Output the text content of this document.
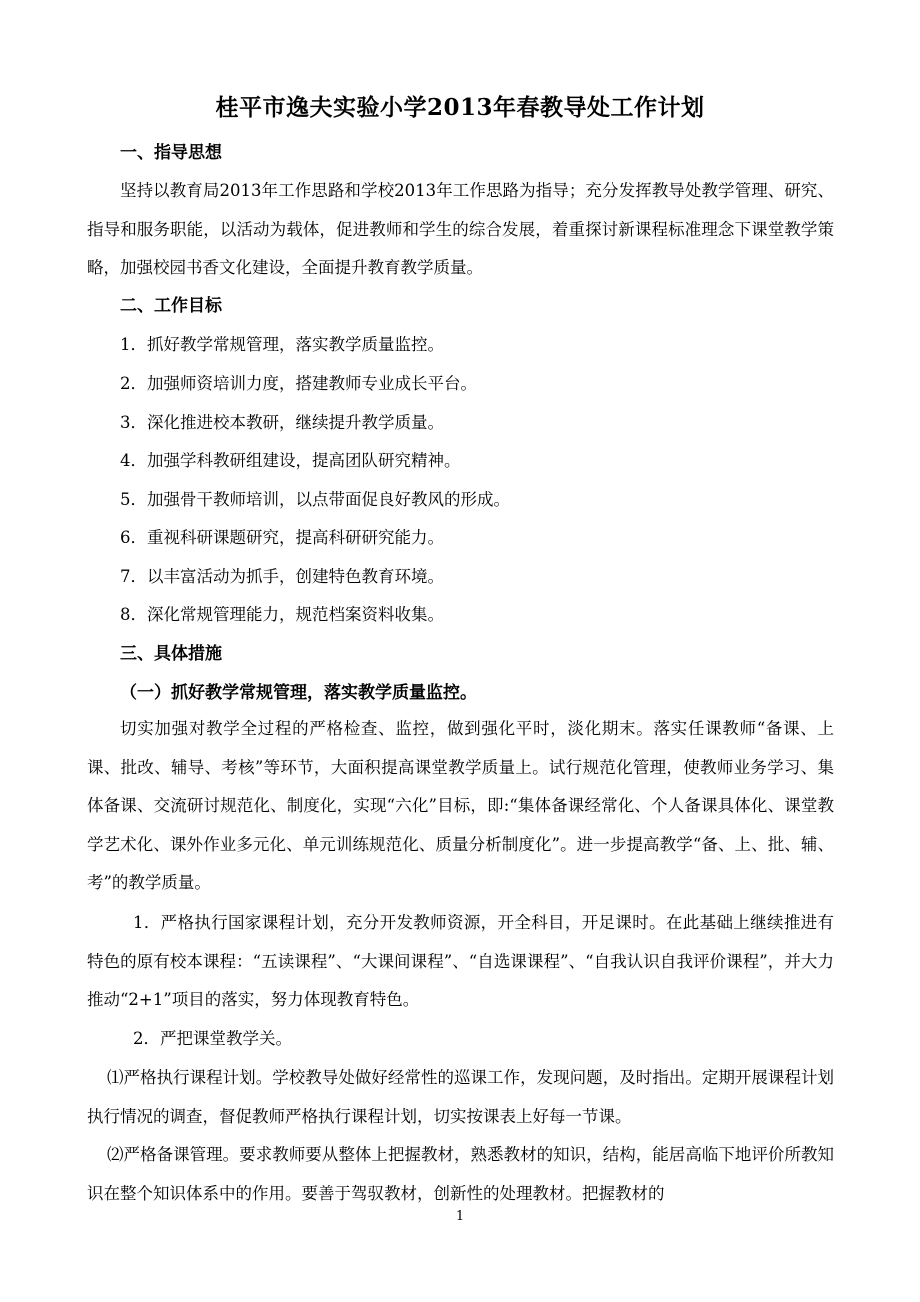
桂平市逸夫实验小学2013年春教导处工作计划
一、指导思想

坚持以教育局2013年工作思路和学校2013年工作思路为指导；充分发挥教导处教学管理、研究、指导和服务职能，以活动为载体，促进教师和学生的综合发展，着重探讨新课程标准理念下课堂教学策略，加强校园书香文化建设，全面提升教育教学质量。

二、工作目标
1．抓好教学常规管理，落实教学质量监控。
2．加强师资培训力度，搭建教师专业成长平台。
3．深化推进校本教研，继续提升教学质量。
4．加强学科教研组建设，提高团队研究精神。
5．加强骨干教师培训，以点带面促良好教风的形成。
6．重视科研课题研究，提高科研研究能力。
7．以丰富活动为抓手，创建特色教育环境。
8．深化常规管理能力，规范档案资料收集。
三、具体措施
（一）抓好教学常规管理，落实教学质量监控。

切实加强对教学全过程的严格检查、监控，做到强化平时，淡化期末。落实任课教师“备课、上课、批改、辅导、考核”等环节，大面积提高课堂教学质量上。试行规范化管理，使教师业务学习、集体备课、交流研讨规范化、制度化，实现“六化”目标，即:“集体备课经常化、个人备课具体化、课堂教学艺术化、课外作业多元化、单元训练规范化、质量分析制度化”。进一步提高教学“备、上、批、辅、考”的教学质量。

1．严格执行国家课程计划，充分开发教师资源，开全科目，开足课时。在此基础上继续推进有特色的原有校本课程：“五读课程”、“大课间课程”、“自选课课程”、“自我认识自我评价课程”，并大力推动“2+1”项目的落实，努力体现教育特色。

2．严把课堂教学关。

⑴严格执行课程计划。学校教导处做好经常性的巡课工作，发现问题，及时指出。定期开展课程计划执行情况的调查，督促教师严格执行课程计划，切实按课表上好每一节课。

⑵严格备课管理。要求教师要从整体上把握教材，熟悉教材的知识，结构，能居高临下地评价所教知识在整个知识体系中的作用。要善于驾驭教材，创新性的处理教材。把握教材的

1
